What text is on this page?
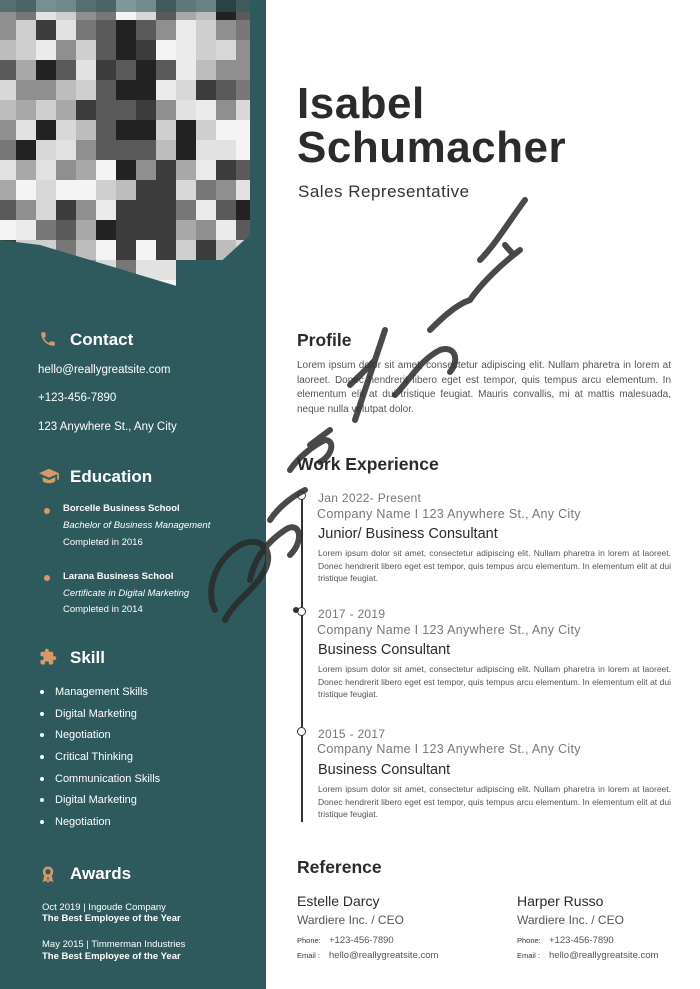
Contact
hello@reallygreatsite.com
+123-456-7890
123 Anywhere St., Any City
Education
Borcelle Business School
Bachelor of Business Management
Completed in 2016
Larana Business School
Certificate in Digital Marketing
Completed in 2014
Skill
Management Skills
Digital Marketing
Negotiation
Critical Thinking
Communication Skills
Digital Marketing
Negotiation
Awards
Oct 2019 | Ingoude Company
The Best Employee of the Year
May 2015 | Timmerman Industries
The Best Employee of the Year
Isabel
Schumacher
Sales Representative
Profile
Lorem ipsum dolor sit amet, consectetur adipiscing elit. Nullam pharetra in lorem at laoreet. Donec hendrerit libero eget est tempor, quis tempus arcu elementum. In elementum elit at dui tristique feugiat. Mauris convallis, mi at mattis malesuada, neque nulla volutpat dolor.
Work Experience
Jan 2022- Present
Company Name I 123 Anywhere St., Any City
Junior/ Business Consultant
Lorem ipsum dolor sit amet, consectetur adipiscing elit. Nullam pharetra in lorem at laoreet. Donec hendrerit libero eget est tempor, quis tempus arcu elementum. In elementum elit at dui tristique feugiat.
2017 - 2019
Company Name I 123 Anywhere St., Any City
Business Consultant
Lorem ipsum dolor sit amet, consectetur adipiscing elit. Nullam pharetra in lorem at laoreet. Donec hendrerit libero eget est tempor, quis tempus arcu elementum. In elementum elit at dui tristique feugiat.
2015 - 2017
Company Name I 123 Anywhere St., Any City
Business Consultant
Lorem ipsum dolor sit amet, consectetur adipiscing elit. Nullam pharetra in lorem at laoreet. Donec hendrerit libero eget est tempor, quis tempus arcu elementum. In elementum elit at dui tristique feugiat.
Reference
Estelle Darcy
Wardiere Inc. / CEO
Phone: +123-456-7890
Email : hello@reallygreatsite.com
Harper Russo
Wardiere Inc. / CEO
Phone: +123-456-7890
Email : hello@reallygreatsite.com
